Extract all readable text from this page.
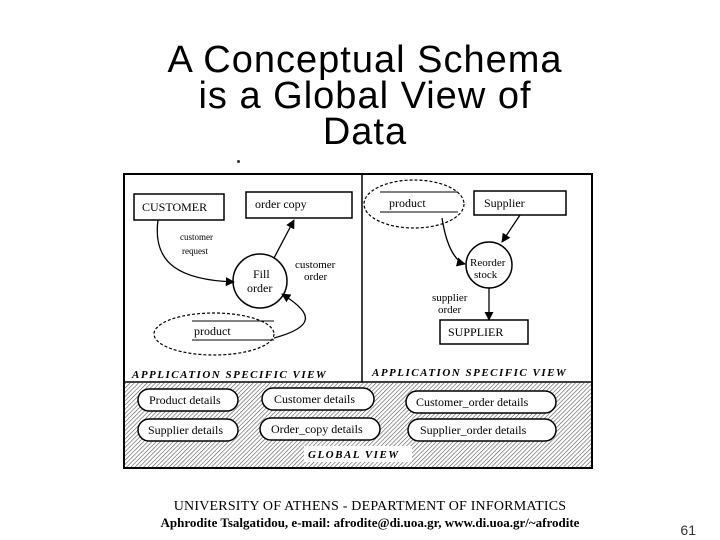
A Conceptual Schema
is a Global View of
Data
CUSTOMER	order copy
Fill
order
product
customer
request
customer
order
APPLICATION SPECIFIC VIEW
product	Supplier
Reorder
stock
supplier
order
SUPPLIER
APPLICATION SPECIFIC VIEW
Product details	Customer details	Customer_order details
Supplier details	Order_copy details	Supplier_order details
GLOBAL VIEW
UNIVERSITY OF ATHENS - DEPARTMENT OF INFORMATICS
Aphrodite Tsalgatidou, e-mail: afrodite@di.uoa.gr, www.di.uoa.gr/~afrodite	61
